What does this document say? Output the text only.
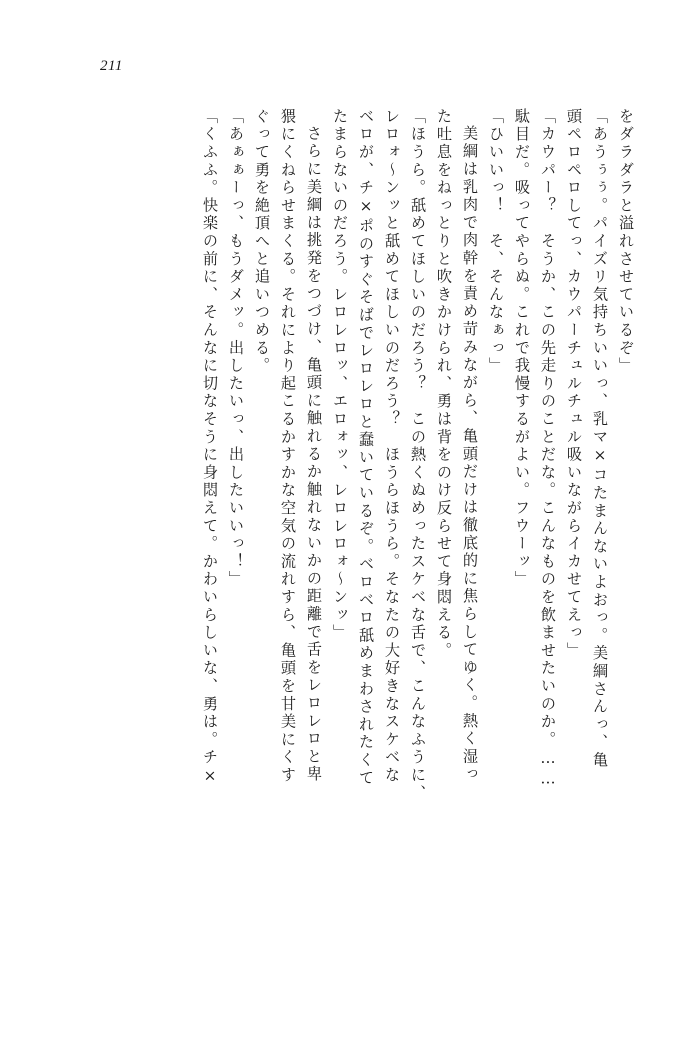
211
をダラダラと溢れさせているぞ」
「あうぅぅ。パイズリ気持ちいいっ、乳マ×コたまんないよおっ。美綱さんっ、亀
頭ペロペロしてっ、カウパーチュルチュル吸いながらイカせてえっ」
「カウパー？　そうか、この先走りのことだな。こんなものを飲ませたいのか。……
駄目だ。吸ってやらぬ。これで我慢するがよい。フウーッ」
「ひいいっ！　そ、そんなぁっ」
美綱は乳肉で肉幹を責め苛みながら、亀頭だけは徹底的に焦らしてゆく。熱く湿っ
た吐息をねっとりと吹きかけられ、勇は背をのけ反らせて身悶える。
「ほうら。舐めてほしいのだろう？　この熱くぬめったスケベな舌で、こんなふうに、
レロォ～ンッと舐めてほしいのだろう？　ほうらほうら。そなたの大好きなスケベな
ベロが、チ×ポのすぐそばでレロレロと蠢いているぞ。ベロベロ舐めまわされたくて
たまらないのだろう。レロレロッ、エロォッ、レロレロォ～ンッ」
さらに美綱は挑発をつづけ、亀頭に触れるか触れないかの距離で舌をレロレロと卑
猥にくねらせまくる。それにより起こるかすかな空気の流れすら、亀頭を甘美にくす
ぐって勇を絶頂へと追いつめる。
「あぁぁーっ、もうダメッ。出したいっ、出したいいっ！」
「くふふ。快楽の前に、そんなに切なそうに身悶えて。かわいらしいな、勇は。チ×
